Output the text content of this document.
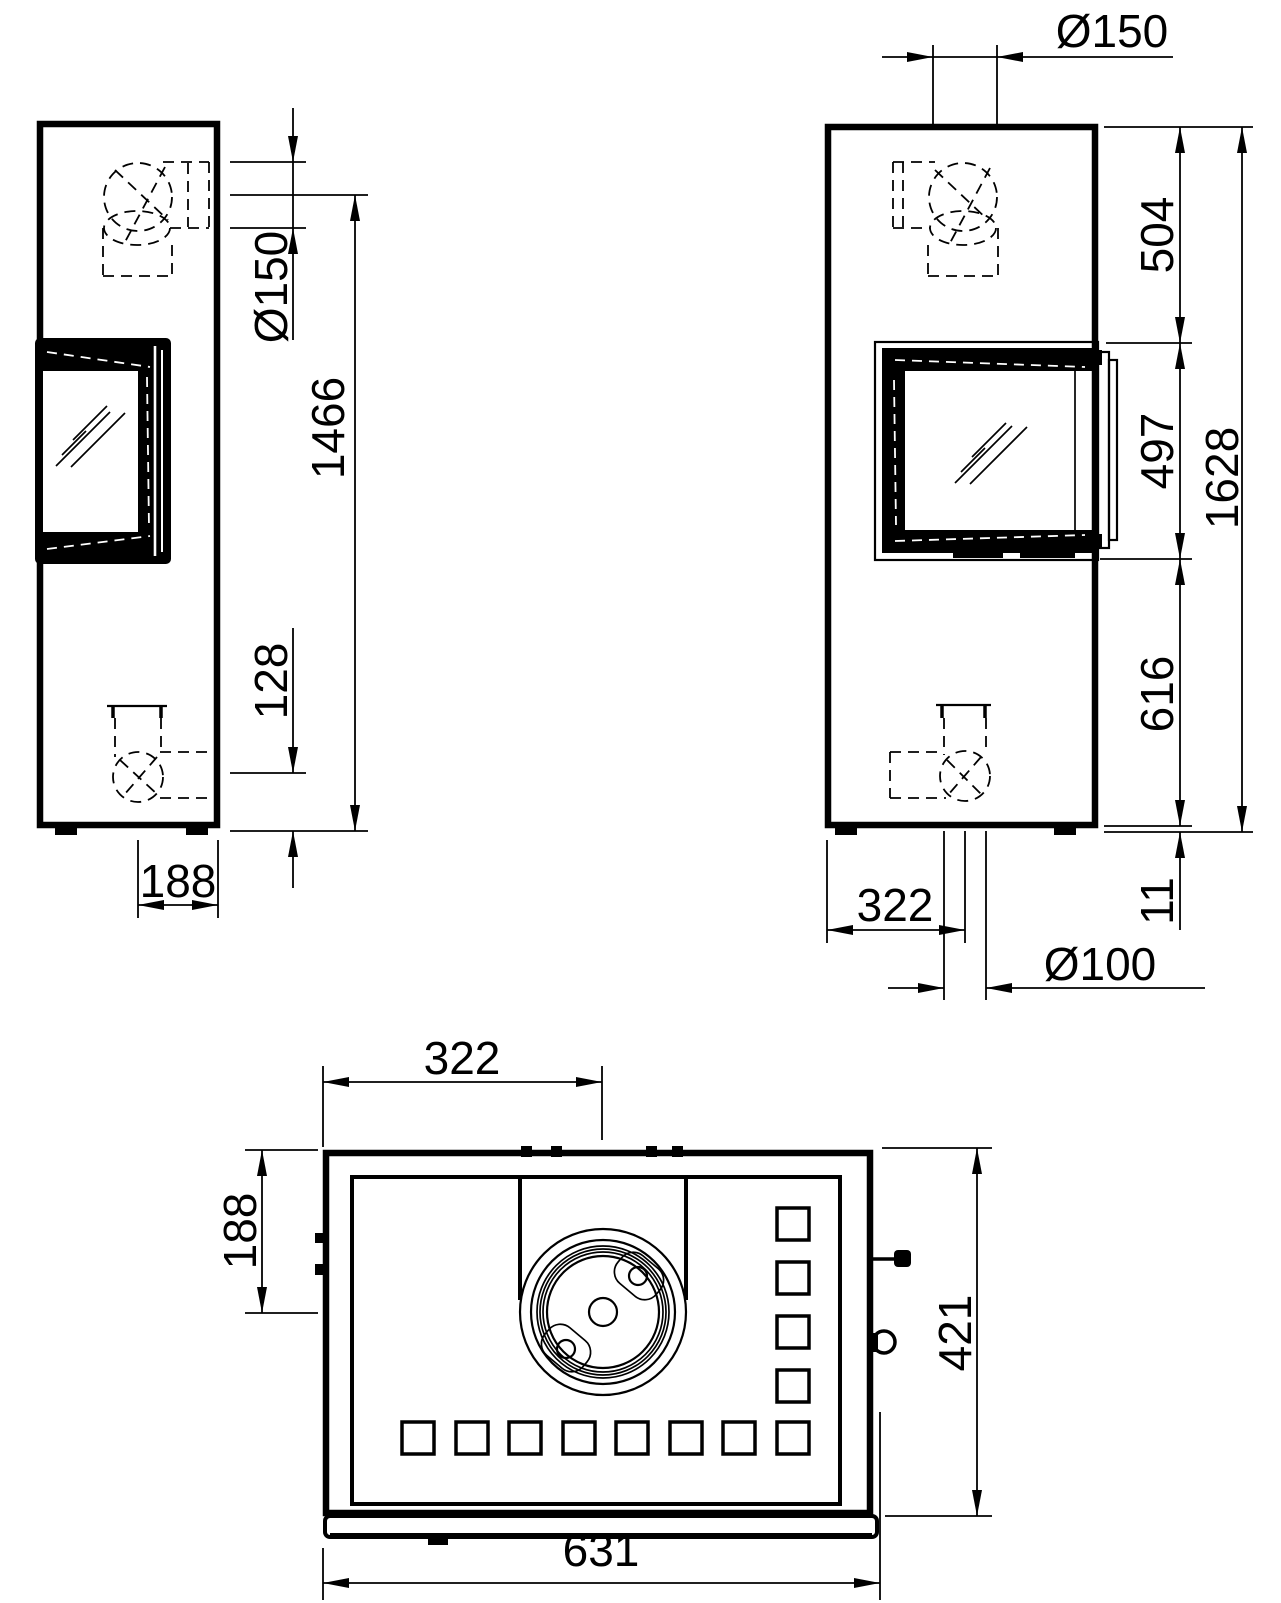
Ø150
1466
128
188
Ø150
504
497
616
11
1628
322
Ø100
322
188
421
631
